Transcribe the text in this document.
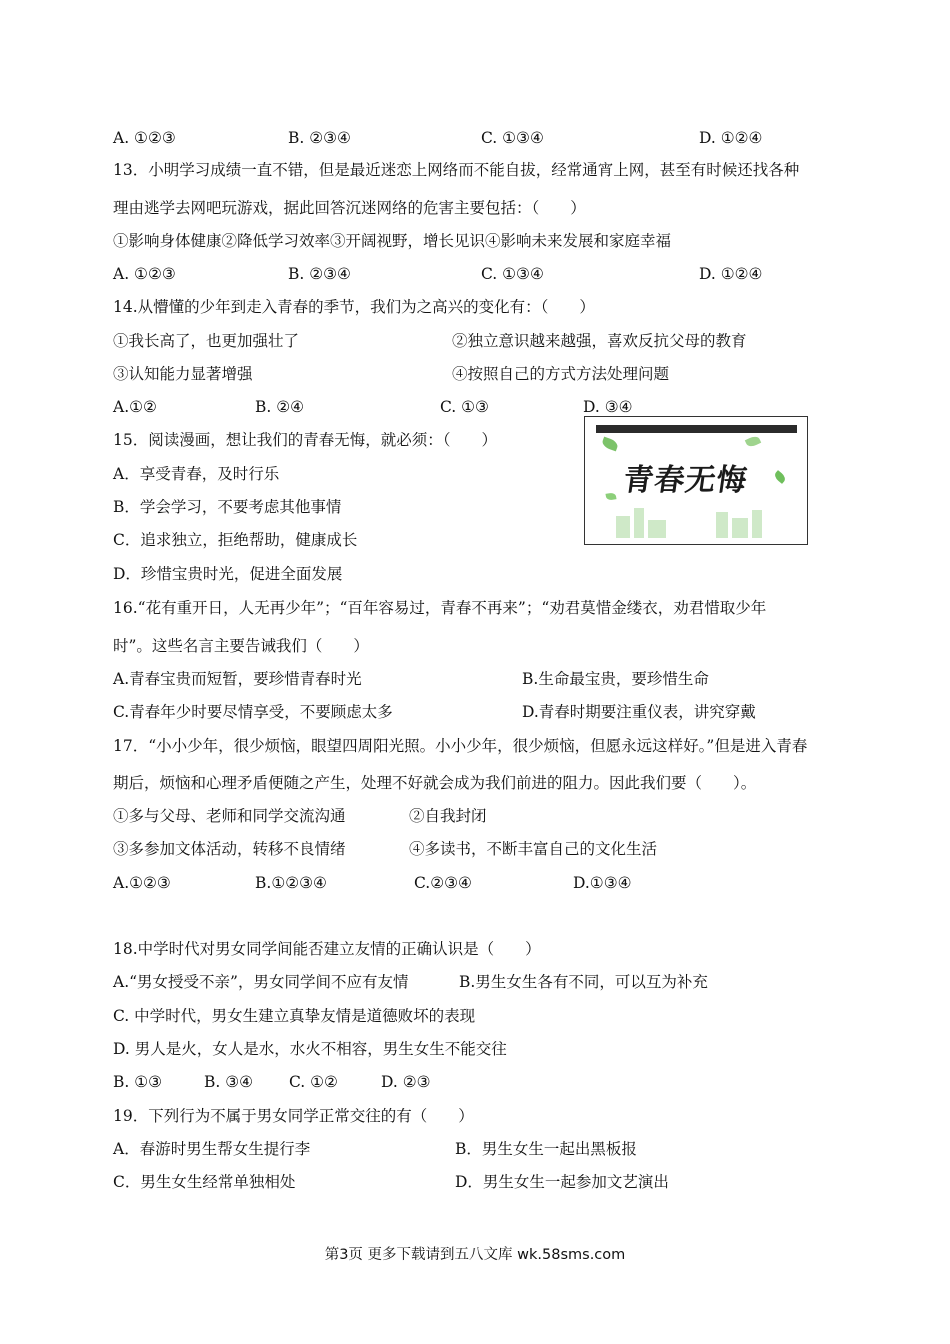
A. ①②③	B. ②③④	C. ①③④	D. ①②④
13．小明学习成绩一直不错，但是最近迷恋上网络而不能自拔，经常通宵上网，甚至有时候还找各种
理由逃学去网吧玩游戏，据此回答沉迷网络的危害主要包括：（　　）
①影响身体健康②降低学习效率③开阔视野，增长见识④影响未来发展和家庭幸福
A. ①②③	B. ②③④	C. ①③④	D. ①②④
14.从懵懂的少年到走入青春的季节，我们为之高兴的变化有：（　　）
①我长高了，也更加强壮了	②独立意识越来越强，喜欢反抗父母的教育
③认知能力显著增强	④按照自己的方式方法处理问题
A.①②	B. ②④	C. ①③	D. ③④
15．阅读漫画，想让我们的青春无悔，就必须：（　　）
A．享受青春，及时行乐
B．学会学习，不要考虑其他事情
C．追求独立，拒绝帮助，健康成长
D．珍惜宝贵时光，促进全面发展
青春无悔
16.“花有重开日，人无再少年”；“百年容易过，青春不再来”；“劝君莫惜金缕衣，劝君惜取少年
时”。这些名言主要告诫我们（　　）
A.青春宝贵而短暂，要珍惜青春时光	B.生命最宝贵，要珍惜生命
C.青春年少时要尽情享受，不要顾虑太多	D.青春时期要注重仪表，讲究穿戴
17．“小小少年，很少烦恼，眼望四周阳光照。小小少年，很少烦恼，但愿永远这样好。”但是进入青春
期后，烦恼和心理矛盾便随之产生，处理不好就会成为我们前进的阻力。因此我们要（　　）。
①多与父母、老师和同学交流沟通	②自我封闭
③多参加文体活动，转移不良情绪	④多读书，不断丰富自己的文化生活
A.①②③	B.①②③④	C.②③④	D.①③④
18.中学时代对男女同学间能否建立友情的正确认识是（　　）
A.“男女授受不亲”，男女同学间不应有友情	B.男生女生各有不同，可以互为补充
C. 中学时代，男女生建立真挚友情是道德败坏的表现
D. 男人是火，女人是水，水火不相容，男生女生不能交往
B. ①③	B. ③④ C. ①②	D. ②③
19．下列行为不属于男女同学正常交往的有（　　）
A．春游时男生帮女生提行李	B．男生女生一起出黑板报
C．男生女生经常单独相处	D．男生女生一起参加文艺演出
第3页 更多下载请到五八文库 wk.58sms.com
